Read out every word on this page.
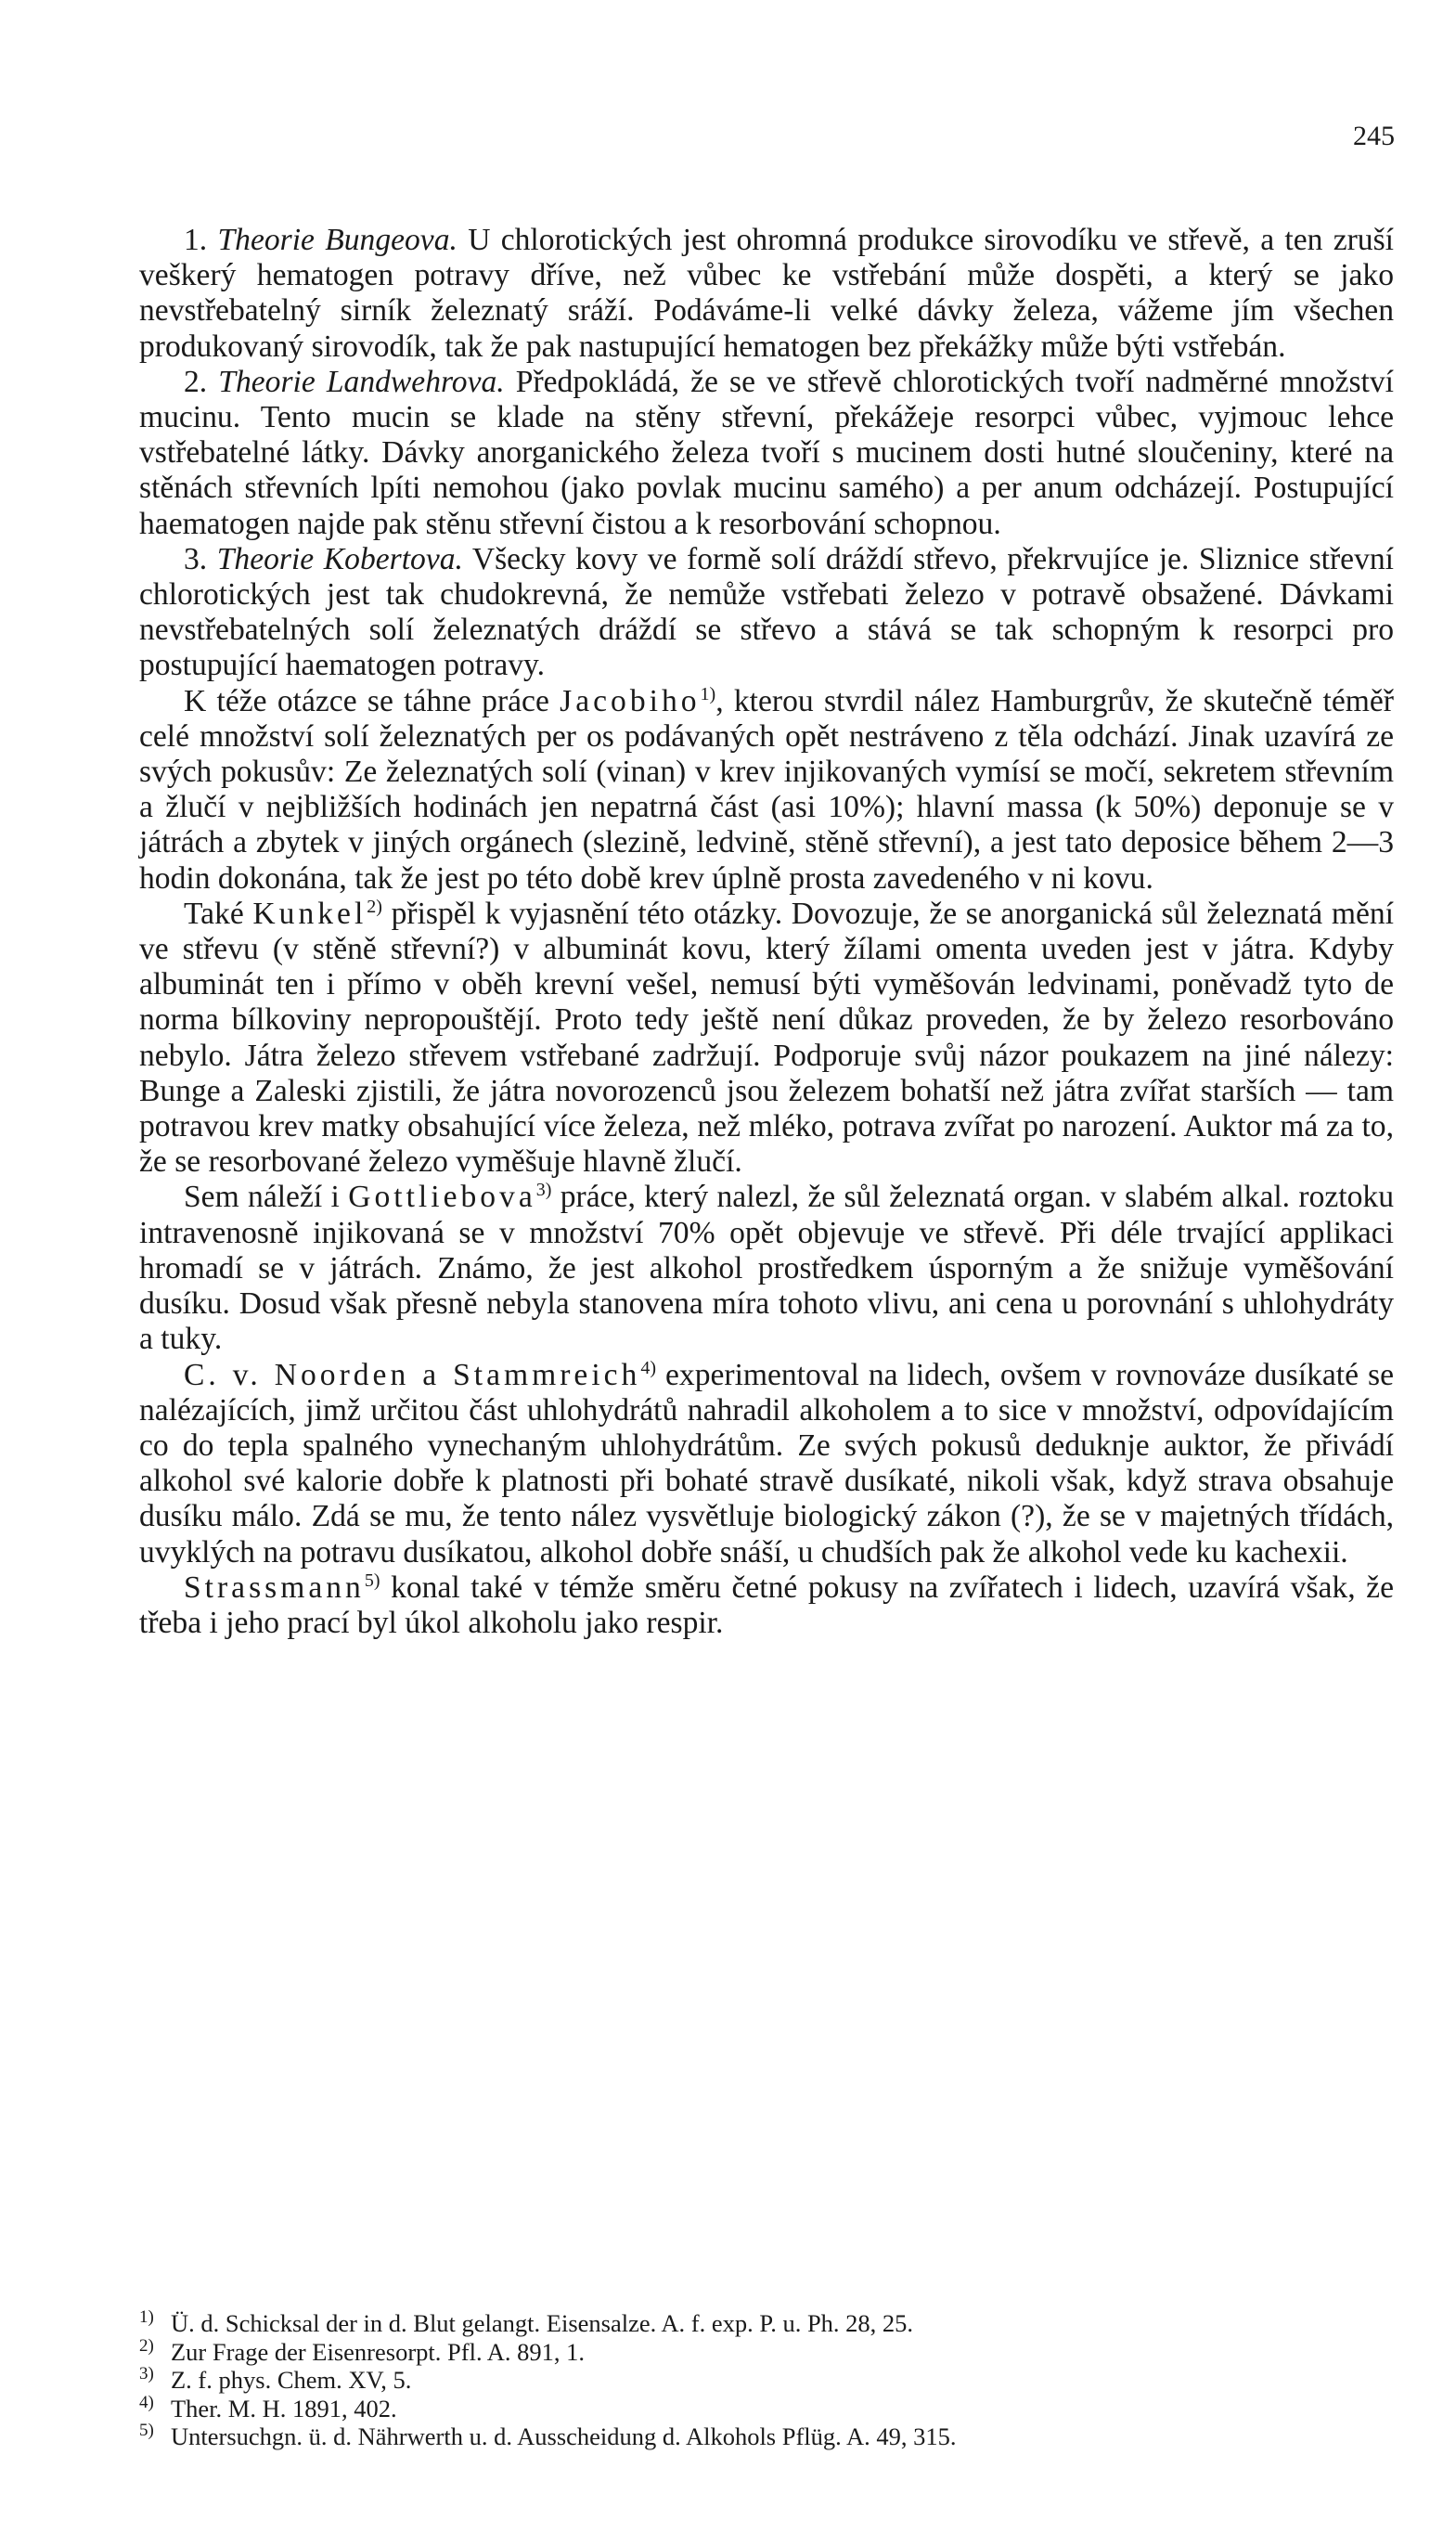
245

1. Theorie Bungeova. U chlorotických jest ohromná produkce sirovodíku ve střevě, a ten zruší veškerý hematogen potravy dříve, než vůbec ke vstřebání může dospěti, a který se jako nevstřebatelný sirník železnatý sráží. Podáváme-li velké dávky železa, vážeme jím všechen produkovaný sirovodík, tak že pak nastupující hematogen bez překážky může býti vstřebán.

2. Theorie Landwehrova. Předpokládá, že se ve střevě chlorotických tvoří nadměrné množství mucinu. Tento mucin se klade na stěny střevní, překážeje resorpci vůbec, vyjmouc lehce vstřebatelné látky. Dávky anorganického železa tvoří s mucinem dosti hutné sloučeniny, které na stěnách střevních lpíti nemohou (jako povlak mucinu samého) a per anum odcházejí. Postupující haematogen najde pak stěnu střevní čistou a k resorbování schopnou.

3. Theorie Kobertova. Všecky kovy ve formě solí dráždí střevo, překrvujíce je. Sliznice střevní chlorotických jest tak chudokrevná, že nemůže vstřebati železo v potravě obsažené. Dávkami nevstřebatelných solí železnatých dráždí se střevo a stává se tak schopným k resorpci pro postupující haematogen potravy.

K téže otázce se táhne práce Jacobiho$^{1)}$, kterou stvrdil nález Hamburgrův, že skutečně téměř celé množství solí železnatých per os podávaných opět nestráveno z těla odchází. Jinak uzavírá ze svých pokusův: Ze železnatých solí (vinan) v krev injikovaných vymísí se močí, sekretem střevním a žlučí v nejbližších hodinách jen nepatrná část (asi 10%); hlavní massa (k 50%) deponuje se v játrách a zbytek v jiných orgánech (slezině, ledvině, stěně střevní), a jest tato deposice během 2—3 hodin dokonána, tak že jest po této době krev úplně prosta zavedeného v ni kovu.

Také Kunkel$^{2)}$ přispěl k vyjasnění této otázky. Dovozuje, že se anorganická sůl železnatá mění ve střevu (v stěně střevní?) v albuminát kovu, který žílami omenta uveden jest v játra. Kdyby albuminát ten i přímo v oběh krevní vešel, nemusí býti vyměšován ledvinami, poněvadž tyto de norma bílkoviny nepropouštějí. Proto tedy ještě není důkaz proveden, že by železo resorbováno nebylo. Játra železo střevem vstřebané zadržují. Podporuje svůj názor poukazem na jiné nálezy: Bunge a Zaleski zjistili, že játra novorozenců jsou železem bohatší než játra zvířat starších — tam potravou krev matky obsahující více železa, než mléko, potrava zvířat po narození. Auktor má za to, že se resorbované železo vyměšuje hlavně žlučí.

Sem náleží i Gottliebova$^{3)}$ práce, který nalezl, že sůl železnatá organ. v slabém alkal. roztoku intravenosně injikovaná se v množství 70% opět objevuje ve střevě. Při déle trvající applikaci hromadí se v játrách. Známo, že jest alkohol prostředkem úsporným a že snižuje vyměšování dusíku. Dosud však přesně nebyla stanovena míra tohoto vlivu, ani cena u porovnání s uhlohydráty a tuky.

C. v. Noorden a Stammreich$^{4)}$ experimentoval na lidech, ovšem v rovnováze dusíkaté se nalézajících, jimž určitou část uhlohydrátů nahradil alkoholem a to sice v množství, odpovídajícím co do tepla spalného vynechaným uhlohydrátům. Ze svých pokusů deduknje auktor, že přivádí alkohol své kalorie dobře k platnosti při bohaté stravě dusíkaté, nikoli však, když strava obsahuje dusíku málo. Zdá se mu, že tento nález vysvětluje biologický zákon (?), že se v majetných třídách, uvyklých na potravu dusíkatou, alkohol dobře snáší, u chudších pak že alkohol vede ku kachexii.

Strassmann$^{5)}$ konal také v témže směru četné pokusy na zvířatech i lidech, uzavírá však, že třeba i jeho prací byl úkol alkoholu jako respir.

1) Ü. d. Schicksal der in d. Blut gelangt. Eisensalze. A. f. exp. P. u. Ph. 28, 25.

2) Zur Frage der Eisenresorpt. Pfl. A. 891, 1.

3) Z. f. phys. Chem. XV, 5.

4) Ther. M. H. 1891, 402.

5) Untersuchgn. ü. d. Nährwerth u. d. Ausscheidung d. Alkohols Pflüg. A. 49, 315.
